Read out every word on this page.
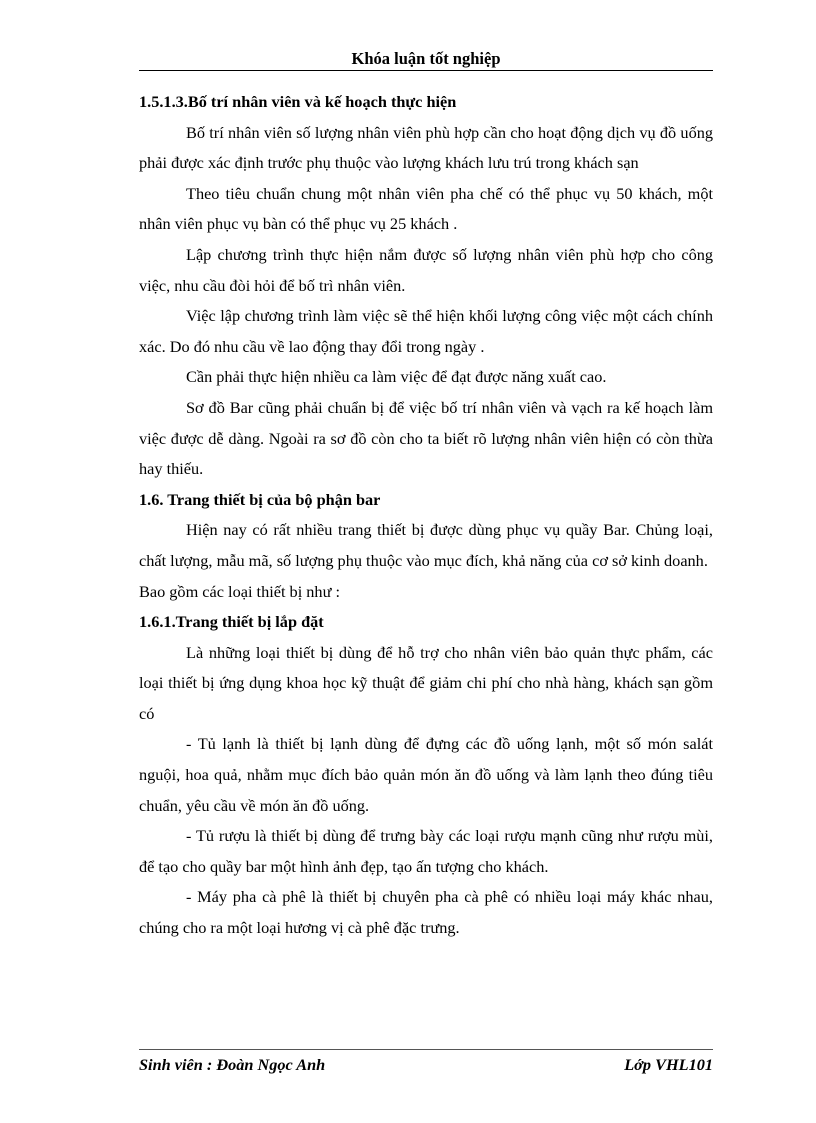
Khóa luận tốt nghiệp
1.5.1.3.Bố trí nhân viên và kế hoạch thực hiện

Bố trí nhân viên số lượng nhân viên phù hợp cần cho hoạt động dịch vụ đồ uống phải được xác định trước phụ thuộc vào lượng khách lưu trú trong khách sạn

Theo tiêu chuẩn chung một nhân viên pha chế có thể phục vụ 50 khách, một nhân viên phục vụ bàn có thể phục vụ 25 khách .

Lập chương trình thực hiện nắm được số lượng nhân viên phù hợp cho công việc, nhu cầu đòi hỏi để bố trì nhân viên.

Việc lập chương trình làm việc sẽ thể hiện khối lượng công việc một cách chính xác. Do đó nhu cầu về lao động thay đổi trong ngày .

Cần phải thực hiện nhiều ca làm việc để đạt được năng xuất cao.

Sơ đồ Bar cũng phải chuẩn bị để việc bố trí nhân viên và vạch ra kế hoạch làm việc được dễ dàng. Ngoài ra sơ đồ còn cho ta biết rõ lượng nhân viên hiện có còn thừa hay thiếu.

1.6. Trang thiết bị của bộ phận bar

Hiện nay có rất nhiều trang thiết bị được dùng phục vụ quầy Bar. Chủng loại, chất lượng, mẫu mã, số lượng phụ thuộc vào mục đích, khả năng của cơ sở kinh doanh.

Bao gồm các loại thiết bị như :

1.6.1.Trang thiết bị lắp đặt

Là những loại thiết bị dùng để hỗ trợ cho nhân viên bảo quản thực phẩm, các loại thiết bị ứng dụng khoa học kỹ thuật để giảm chi phí cho nhà hàng, khách sạn gồm có

- Tủ lạnh là thiết bị lạnh dùng để đựng các đồ uống lạnh, một số món salát nguội, hoa quả, nhằm mục đích bảo quản món ăn đồ uống và làm lạnh theo đúng tiêu chuẩn, yêu cầu về món ăn đồ uống.

- Tủ rượu là thiết bị dùng để trưng bày các loại rượu mạnh cũng như rượu mùi, để tạo cho quầy bar một hình ảnh đẹp, tạo ấn tượng cho khách.

- Máy pha cà phê là thiết bị chuyên pha cà phê có nhiều loại máy khác nhau, chúng cho ra một loại hương vị cà phê đặc trưng.

Sinh viên : Đoàn Ngọc Anh	Lớp VHL101
